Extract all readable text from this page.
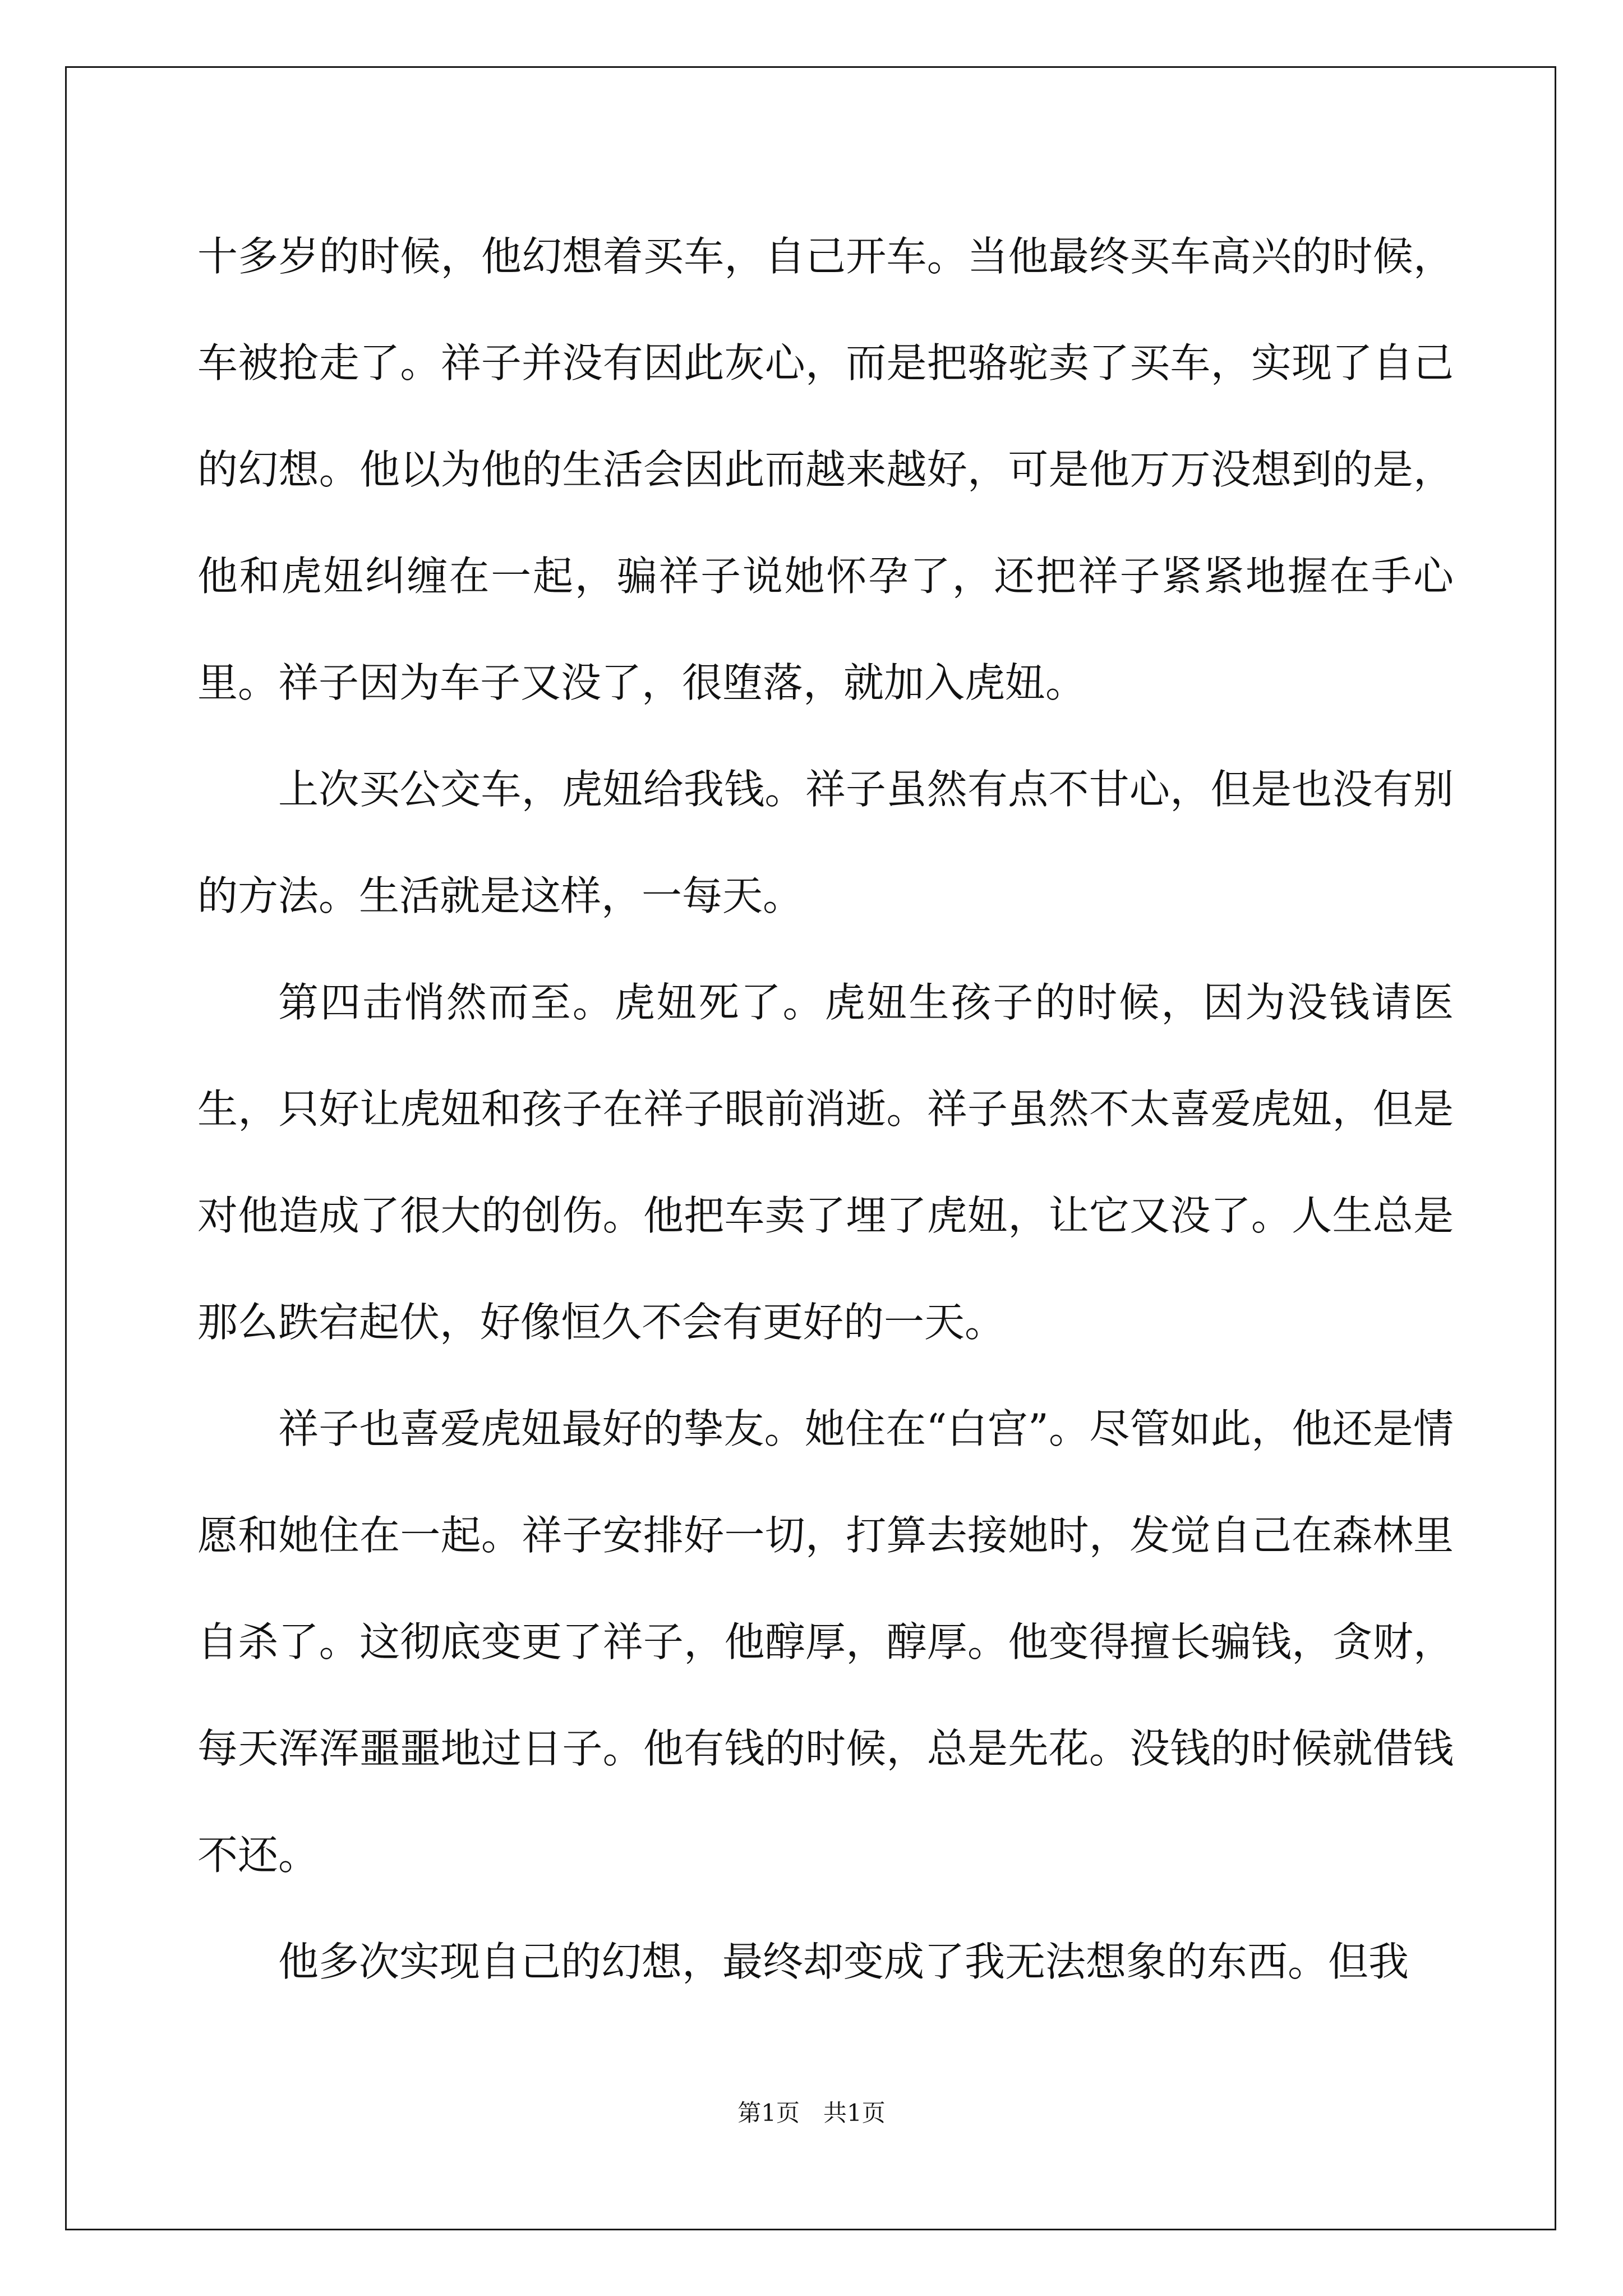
十多岁的时候，他幻想着买车，自己开车。当他最终买车高兴的时候，车被抢走了。祥子并没有因此灰心，而是把骆驼卖了买车，实现了自己的幻想。他以为他的生活会因此而越来越好，可是他万万没想到的是，他和虎妞纠缠在一起，骗祥子说她怀孕了，还把祥子紧紧地握在手心里。祥子因为车子又没了，很堕落，就加入虎妞。

上次买公交车，虎妞给我钱。祥子虽然有点不甘心，但是也没有别的方法。生活就是这样，一每天。

第四击悄然而至。虎妞死了。虎妞生孩子的时候，因为没钱请医生，只好让虎妞和孩子在祥子眼前消逝。祥子虽然不太喜爱虎妞，但是对他造成了很大的创伤。他把车卖了埋了虎妞，让它又没了。人生总是那么跌宕起伏，好像恒久不会有更好的一天。

祥子也喜爱虎妞最好的挚友。她住在“白宫”。尽管如此，他还是情愿和她住在一起。祥子安排好一切，打算去接她时，发觉自己在森林里自杀了。这彻底变更了祥子，他醇厚，醇厚。他变得擅长骗钱，贪财，每天浑浑噩噩地过日子。他有钱的时候，总是先花。没钱的时候就借钱不还。

他多次实现自己的幻想，最终却变成了我无法想象的东西。但我

第1页　共1页
